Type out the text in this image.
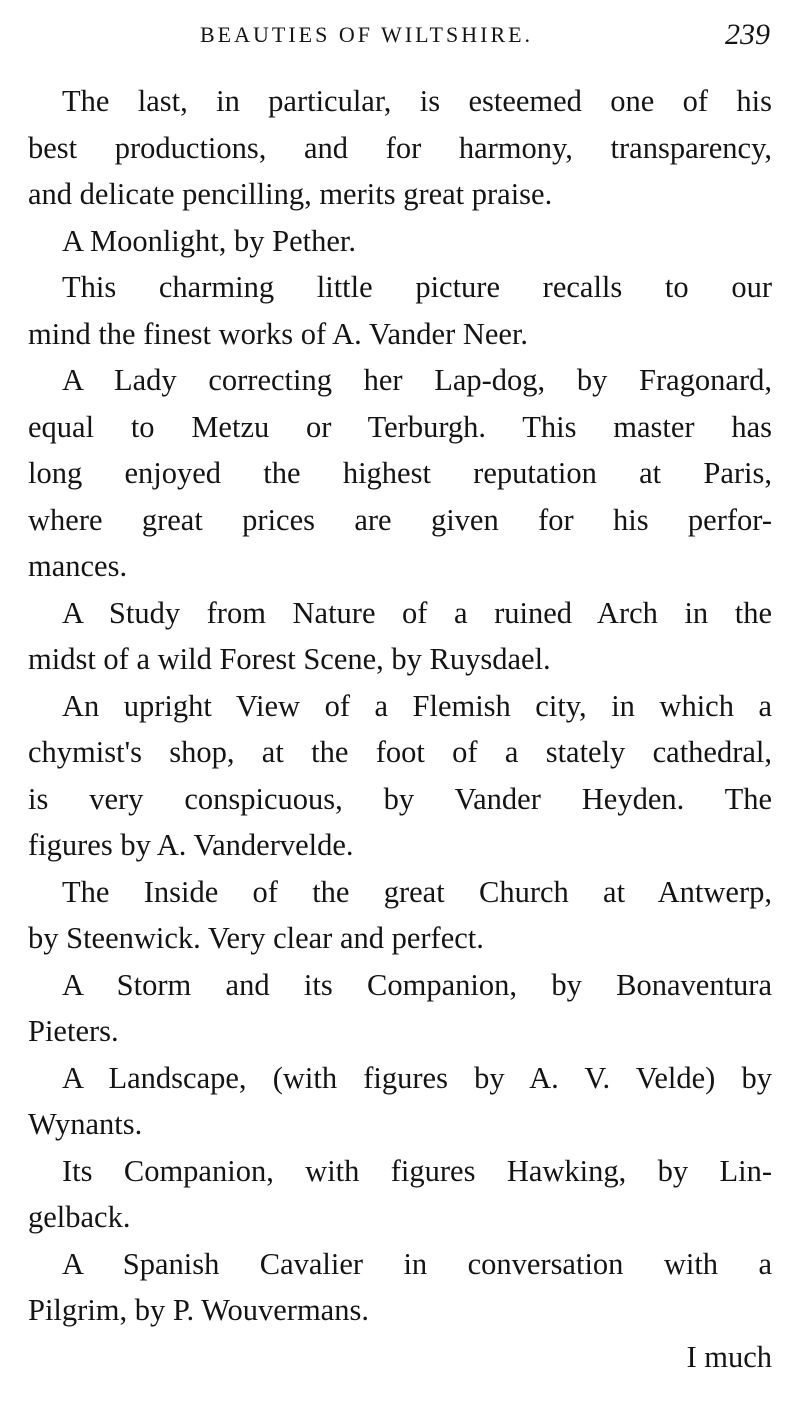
BEAUTIES OF WILTSHIRE.	239
The last, in particular, is esteemed one of his
best productions, and for harmony, transparency,
and delicate pencilling, merits great praise.
A Moonlight, by Pether.
This charming little picture recalls to our
mind the finest works of A. Vander Neer.
A Lady correcting her Lap-dog, by Fragonard,
equal to Metzu or Terburgh. This master has
long enjoyed the highest reputation at Paris,
where great prices are given for his perfor-
mances.
A Study from Nature of a ruined Arch in the
midst of a wild Forest Scene, by Ruysdael.
An upright View of a Flemish city, in which a
chymist's shop, at the foot of a stately cathedral,
is very conspicuous, by Vander Heyden. The
figures by A. Vandervelde.
The Inside of the great Church at Antwerp,
by Steenwick. Very clear and perfect.
A Storm and its Companion, by Bonaventura
Pieters.
A Landscape, (with figures by A. V. Velde) by
Wynants.
Its Companion, with figures Hawking, by Lin-
gelback.
A Spanish Cavalier in conversation with a
Pilgrim, by P. Wouvermans.
I much
